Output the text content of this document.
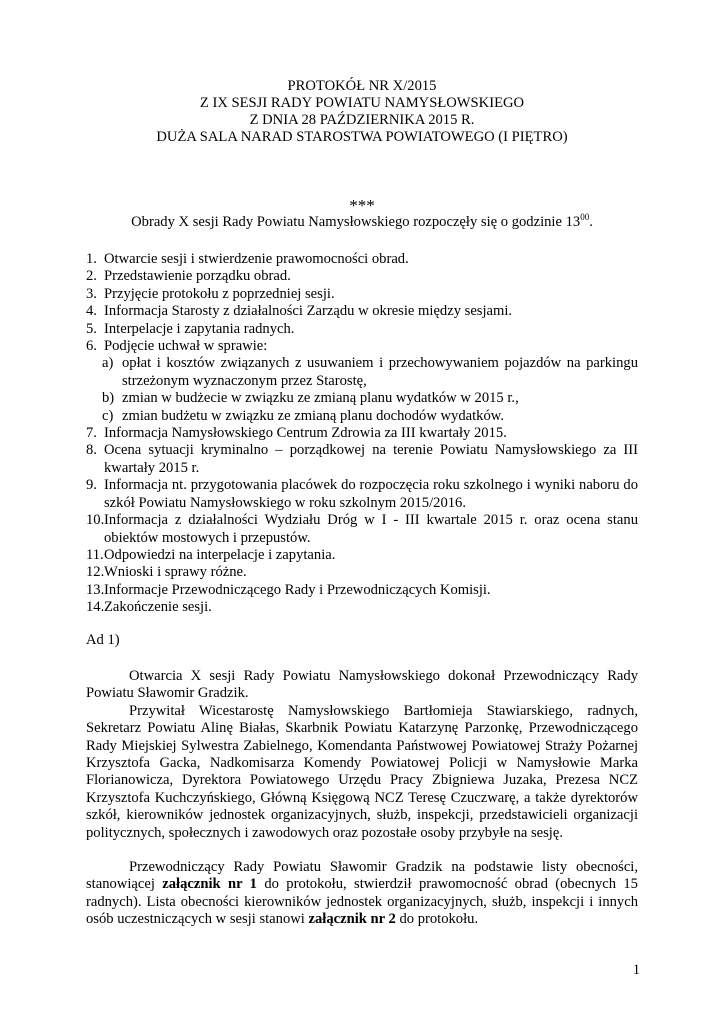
PROTOKÓŁ NR X/2015
Z IX SESJI RADY POWIATU NAMYSŁOWSKIEGO
Z DNIA 28 PAŹDZIERNIKA 2015 R.
DUŻA SALA NARAD STAROSTWA POWIATOWEGO (I PIĘTRO)
***
Obrady X sesji Rady Powiatu Namysłowskiego rozpoczęły się o godzinie $13^{00}$.
1. Otwarcie sesji i stwierdzenie prawomocności obrad.
2. Przedstawienie porządku obrad.
3. Przyjęcie protokołu z poprzedniej sesji.
4. Informacja Starosty z działalności Zarządu w okresie między sesjami.
5. Interpelacje i zapytania radnych.
6. Podjęcie uchwał w sprawie:
a) opłat i kosztów związanych z usuwaniem i przechowywaniem pojazdów na parkingu strzeżonym wyznaczonym przez Starostę,
b) zmian w budżecie w związku ze zmianą planu wydatków w 2015 r.,
c) zmian budżetu w związku ze zmianą planu dochodów wydatków.
7. Informacja Namysłowskiego Centrum Zdrowia za III kwartały 2015.
8. Ocena sytuacji kryminalno – porządkowej na terenie Powiatu Namysłowskiego za III kwartały 2015 r.
9. Informacja nt. przygotowania placówek do rozpoczęcia roku szkolnego i wyniki naboru do szkół Powiatu Namysłowskiego w roku szkolnym 2015/2016.
10. Informacja z działalności Wydziału Dróg w I - III kwartale 2015 r. oraz ocena stanu obiektów mostowych i przepustów.
11. Odpowiedzi na interpelacje i zapytania.
12. Wnioski i sprawy różne.
13. Informacje Przewodniczącego Rady i Przewodniczących Komisji.
14. Zakończenie sesji.
Ad 1)

Otwarcia X sesji Rady Powiatu Namysłowskiego dokonał Przewodniczący Rady Powiatu Sławomir Gradzik.

Przywitał Wicestarostę Namysłowskiego Bartłomieja Stawiarskiego, radnych, Sekretarz Powiatu Alinę Białas, Skarbnik Powiatu Katarzynę Parzonkę, Przewodniczącego Rady Miejskiej Sylwestra Zabielnego, Komendanta Państwowej Powiatowej Straży Pożarnej Krzysztofa Gacka, Nadkomisarza Komendy Powiatowej Policji w Namysłowie Marka Florianowicza, Dyrektora Powiatowego Urzędu Pracy Zbigniewa Juzaka, Prezesa NCZ Krzysztofa Kuchczyńskiego, Główną Księgową NCZ Teresę Czuczwarę, a także dyrektorów szkół, kierowników jednostek organizacyjnych, służb, inspekcji, przedstawicieli organizacji politycznych, społecznych i zawodowych oraz pozostałe osoby przybyłe na sesję.

Przewodniczący Rady Powiatu Sławomir Gradzik na podstawie listy obecności, stanowiącej załącznik nr 1 do protokołu, stwierdził prawomocność obrad (obecnych 15 radnych). Lista obecności kierowników jednostek organizacyjnych, służb, inspekcji i innych osób uczestniczących w sesji stanowi załącznik nr 2 do protokołu.

1
